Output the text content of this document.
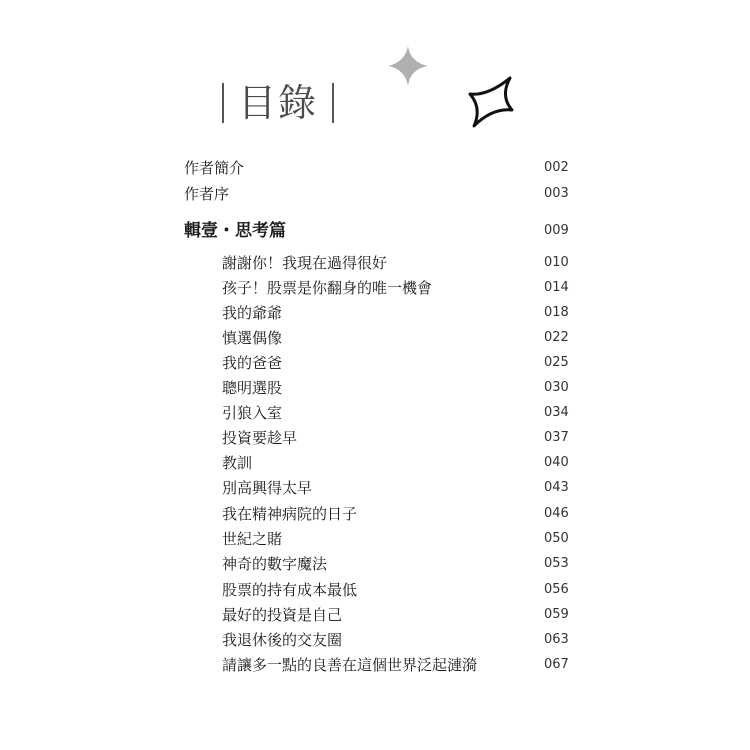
目錄
作者簡介	002
作者序	003
輯壹・思考篇	009
謝謝你！我現在過得很好	010
孩子！股票是你翻身的唯一機會	014
我的爺爺	018
慎選偶像	022
我的爸爸	025
聰明選股	030
引狼入室	034
投資要趁早	037
教訓	040
別高興得太早	043
我在精神病院的日子	046
世紀之賭	050
神奇的數字魔法	053
股票的持有成本最低	056
最好的投資是自己	059
我退休後的交友圈	063
請讓多一點的良善在這個世界泛起漣漪	067
